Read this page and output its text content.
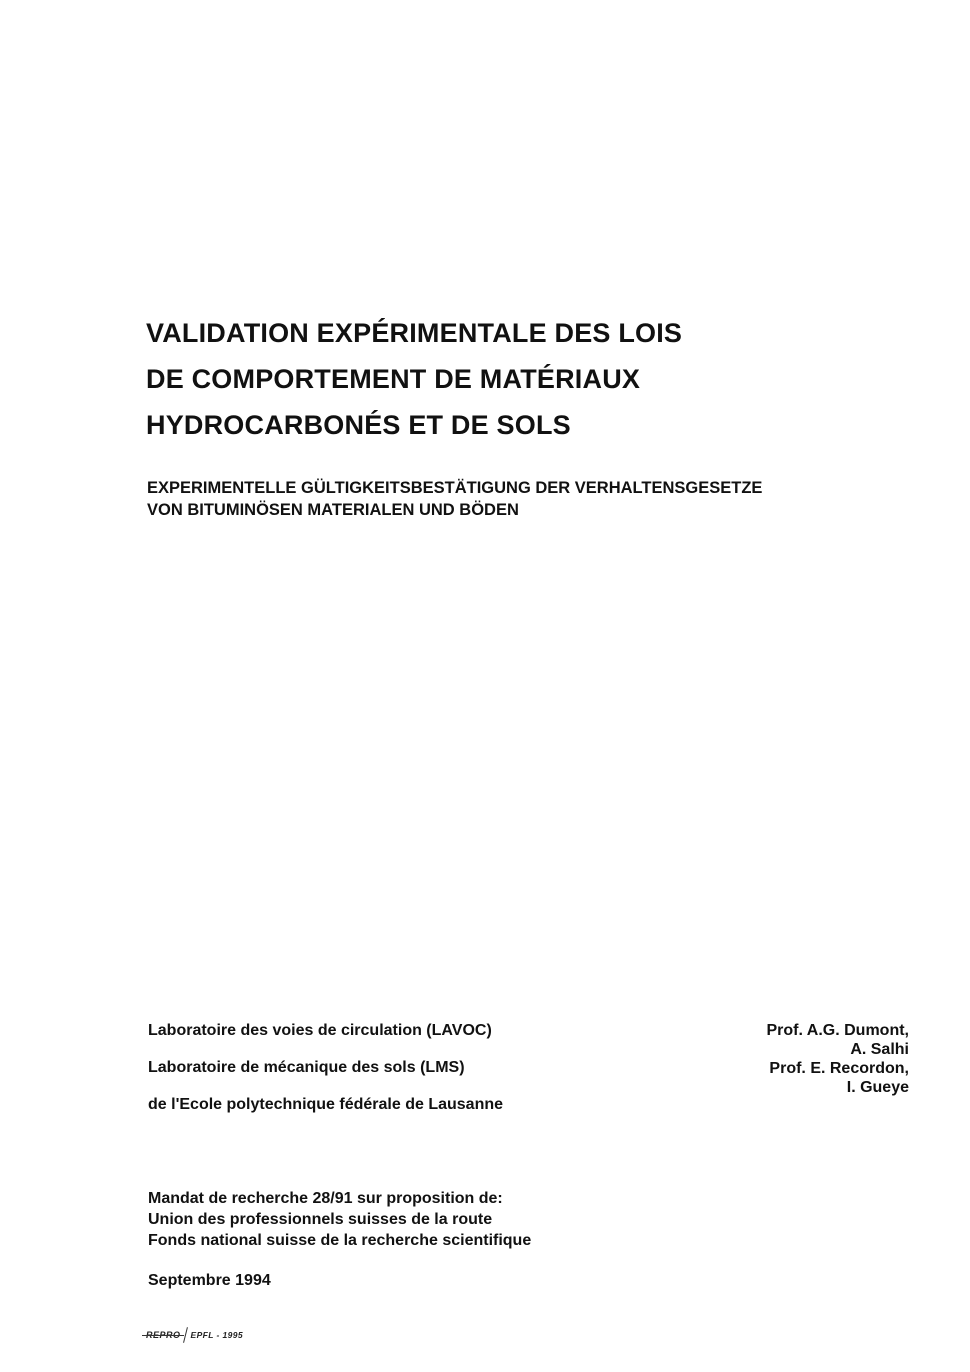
VALIDATION EXPÉRIMENTALE DES LOIS
DE COMPORTEMENT DE MATÉRIAUX
HYDROCARBONÉS ET DE SOLS
EXPERIMENTELLE GÜLTIGKEITSBESTÄTIGUNG DER VERHALTENSGESETZE
VON BITUMINÖSEN MATERIALEN UND BÖDEN
Laboratoire des voies de circulation (LAVOC)
Laboratoire de mécanique des sols (LMS)
de l'Ecole polytechnique fédérale de Lausanne
Prof. A.G. Dumont,
A. Salhi
Prof. E. Recordon,
I. Gueye
Mandat de recherche 28/91 sur proposition de:
Union des professionnels suisses de la route
Fonds national suisse de la recherche scientifique
Septembre 1994
REPRO EPFL - 1995
